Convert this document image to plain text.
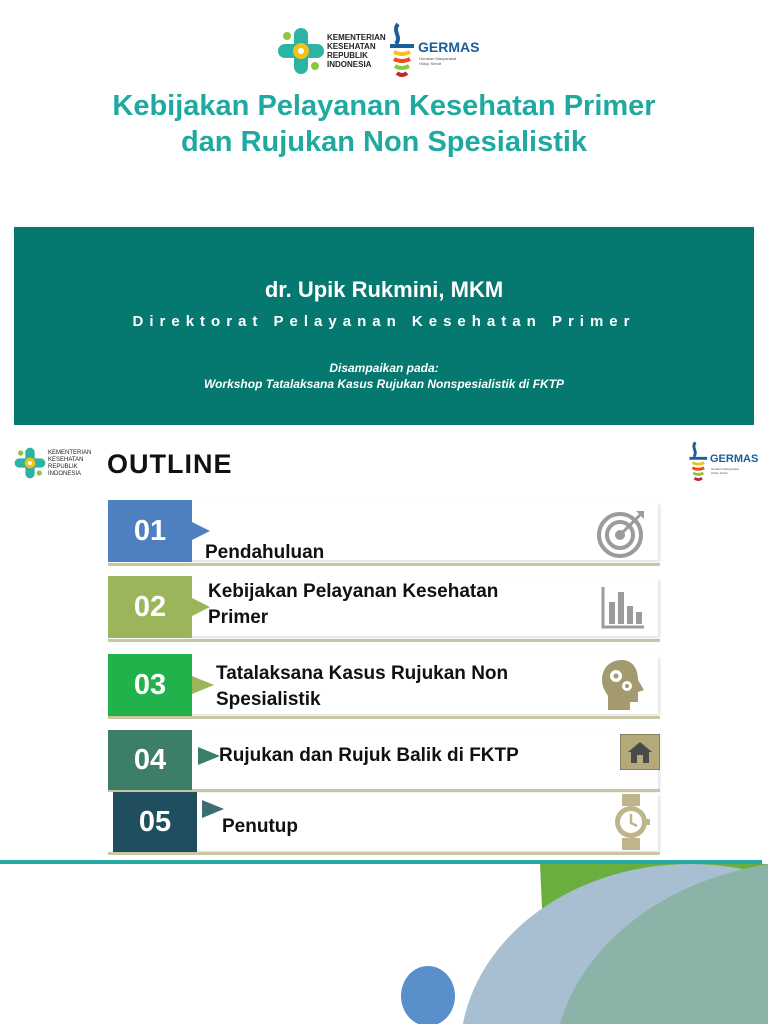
KEMENTERIAN
KESEHATAN
REPUBLIK
INDONESIA
GERMAS
Gerakan Masyarakat
Hidup Sehat
Kebijakan Pelayanan Kesehatan Primer
dan Rujukan Non Spesialistik
dr. Upik Rukmini, MKM
Direktorat Pelayanan Kesehatan Primer
Disampaikan pada:
Workshop Tatalaksana Kasus Rujukan Nonspesialistik di FKTP
KEMENTERIAN
KESEHATAN
REPUBLIK
INDONESIA
GERMAS
Gerakan Masyarakat
Hidup Sehat
OUTLINE
01
Pendahuluan
02	Kebijakan Pelayanan Kesehatan
Primer
03	Tatalaksana Kasus Rujukan Non
Spesialistik
04	Rujukan dan Rujuk Balik di FKTP
05	Penutup
